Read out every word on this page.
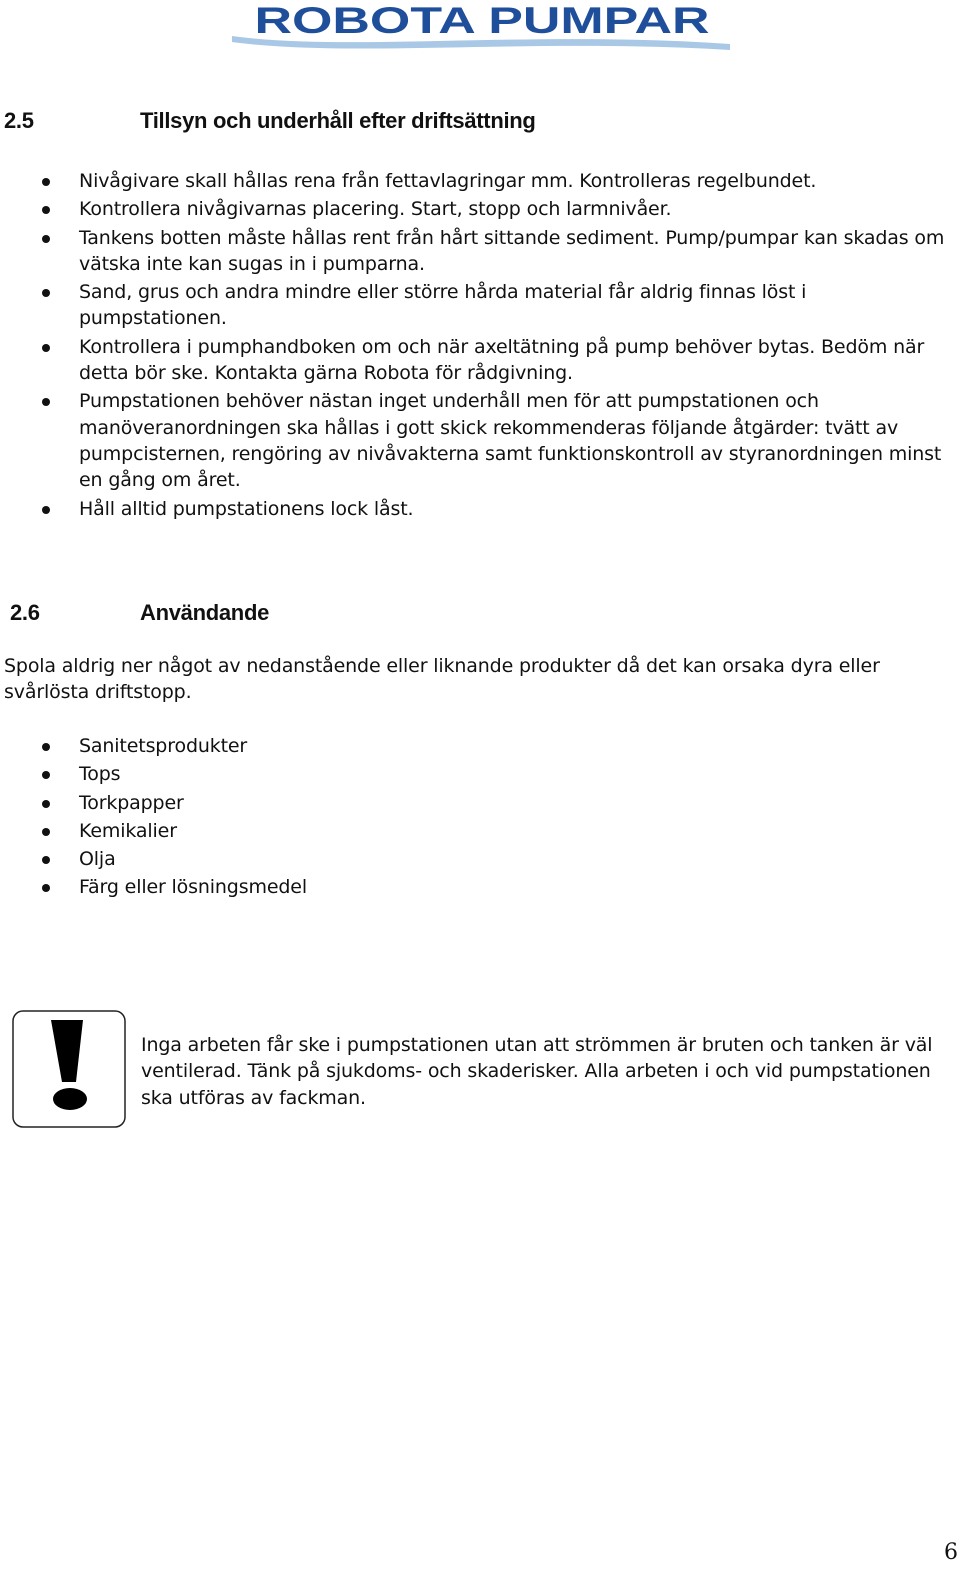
ROBOTA PUMPAR
2.5	Tillsyn och underhåll efter driftsättning
Nivågivare skall hållas rena från fettavlagringar mm. Kontrolleras regelbundet.
Kontrollera nivågivarnas placering. Start, stopp och larmnivåer.
Tankens botten måste hållas rent från hårt sittande sediment. Pump/pumpar kan skadas om vätska inte kan sugas in i pumparna.
Sand, grus och andra mindre eller större hårda material får aldrig finnas löst i pumpstationen.
Kontrollera i pumphandboken om och när axeltätning på pump behöver bytas. Bedöm när detta bör ske. Kontakta gärna Robota för rådgivning.
Pumpstationen behöver nästan inget underhåll men för att pumpstationen och manöveranordningen ska hållas i gott skick rekommenderas följande åtgärder: tvätt av pumpcisternen, rengöring av nivåvakterna samt funktionskontroll av styranordningen minst en gång om året.
Håll alltid pumpstationens lock låst.
2.6	Användande
Spola aldrig ner något av nedanstående eller liknande produkter då det kan orsaka dyra eller svårlösta driftstopp.
Sanitetsprodukter
Tops
Torkpapper
Kemikalier
Olja
Färg eller lösningsmedel
Inga arbeten får ske i pumpstationen utan att strömmen är bruten och tanken är väl ventilerad. Tänk på sjukdoms- och skaderisker. Alla arbeten i och vid pumpstationen ska utföras av fackman.
6
